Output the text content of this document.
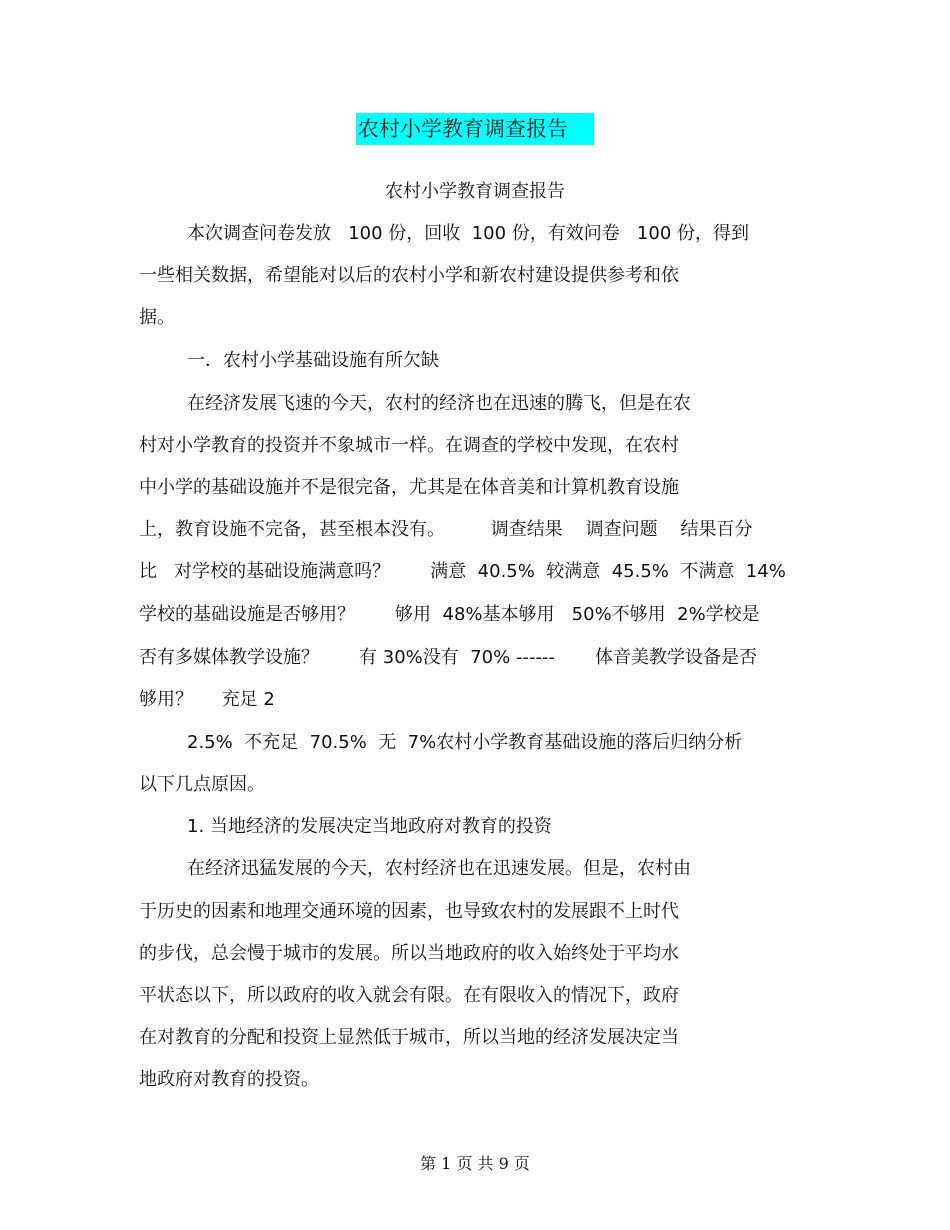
农村小学教育调查报告
农村小学教育调查报告
本次调查问卷发放   100 份，回收  100 份，有效问卷   100 份，得到
一些相关数据，希望能对以后的农村小学和新农村建设提供参考和依
据。
一．农村小学基础设施有所欠缺
在经济发展飞速的今天，农村的经济也在迅速的腾飞，但是在农
村对小学教育的投资并不象城市一样。在调查的学校中发现，在农村
中小学的基础设施并不是很完备，尤其是在体音美和计算机教育设施
上，教育设施不完备，甚至根本没有。        调查结果    调查问题    结果百分
比   对学校的基础设施满意吗？       满意  40.5%  较满意  45.5%  不满意  14%
学校的基础设施是否够用？       够用  48%基本够用   50%不够用  2%学校是
否有多媒体教学设施？       有 30%没有  70% ------       体音美教学设备是否
够用？     充足 2
2.5%  不充足  70.5%  无  7%农村小学教育基础设施的落后归纳分析
以下几点原因。
1. 当地经济的发展决定当地政府对教育的投资
在经济迅猛发展的今天，农村经济也在迅速发展。但是，农村由
于历史的因素和地理交通环境的因素，也导致农村的发展跟不上时代
的步伐，总会慢于城市的发展。所以当地政府的收入始终处于平均水
平状态以下，所以政府的收入就会有限。在有限收入的情况下，政府
在对教育的分配和投资上显然低于城市，所以当地的经济发展决定当
地政府对教育的投资。
第 1 页 共 9 页
